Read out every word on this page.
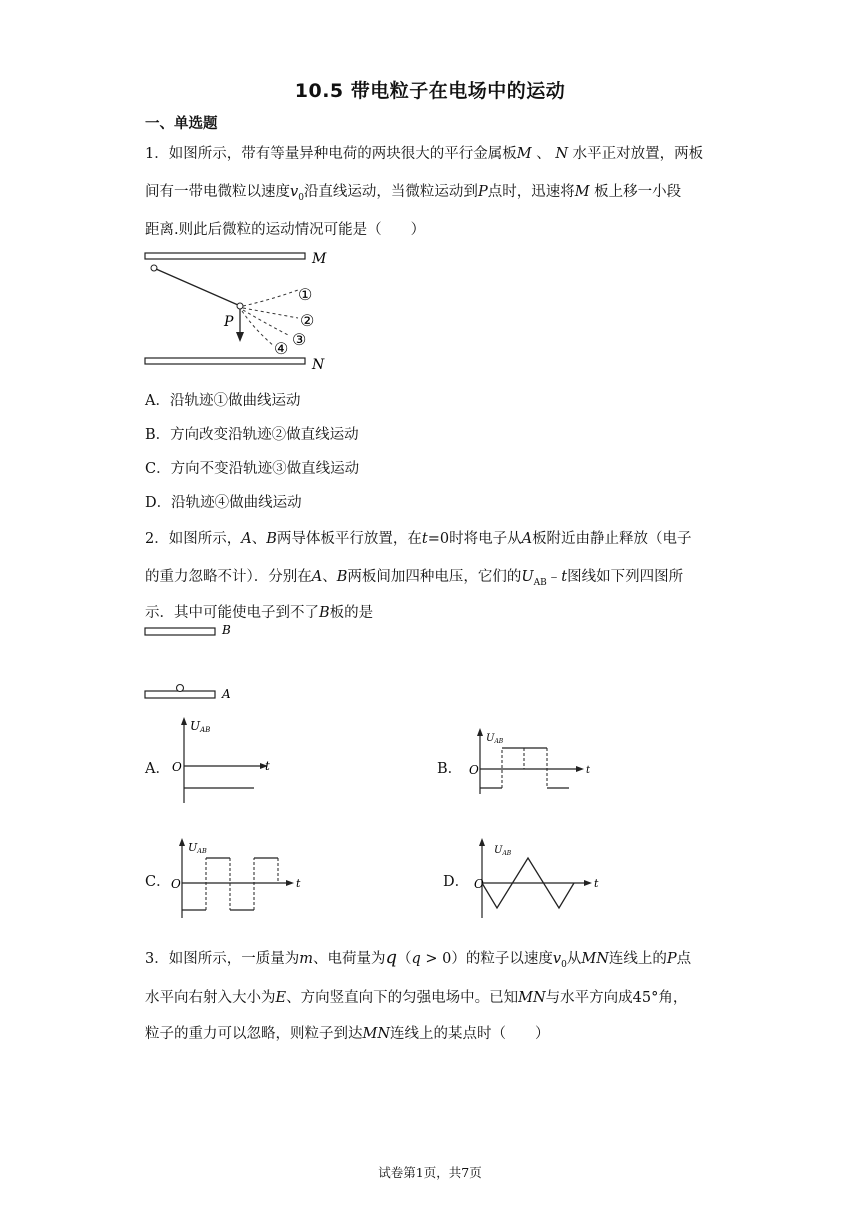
10.5 带电粒子在电场中的运动
一、单选题
1．如图所示，带有等量异种电荷的两块很大的平行金属板M 、 N 水平正对放置，两板
间有一带电微粒以速度$v_0$沿直线运动，当微粒运动到P点时，迅速将M 板上移一小段
距离.则此后微粒的运动情况可能是（　　）
M
N
P
①
②
③
④
A．沿轨迹①做曲线运动
B．方向改变沿轨迹②做直线运动
C．方向不变沿轨迹③做直线运动
D．沿轨迹④做曲线运动
2．如图所示，A、B两导体板平行放置，在t=0时将电子从A板附近由静止释放（电子
的重力忽略不计）．分别在A、B两板间加四种电压，它们的$U_{AB}﹣t$图线如下列四图所
示．其中可能使电子到不了B板的是
B
A
A．	B．
C．	D．
UAB
O	t
$U_{AB}$
O	t
UAB
O	t
$U_{AB}$
O	t
3．如图所示，一质量为m、电荷量为q（q > 0）的粒子以速度$v_0$从MN连线上的P点
水平向右射入大小为E、方向竖直向下的匀强电场中。已知MN与水平方向成45°角，
粒子的重力可以忽略，则粒子到达MN连线上的某点时（　　）
试卷第1页，共7页
